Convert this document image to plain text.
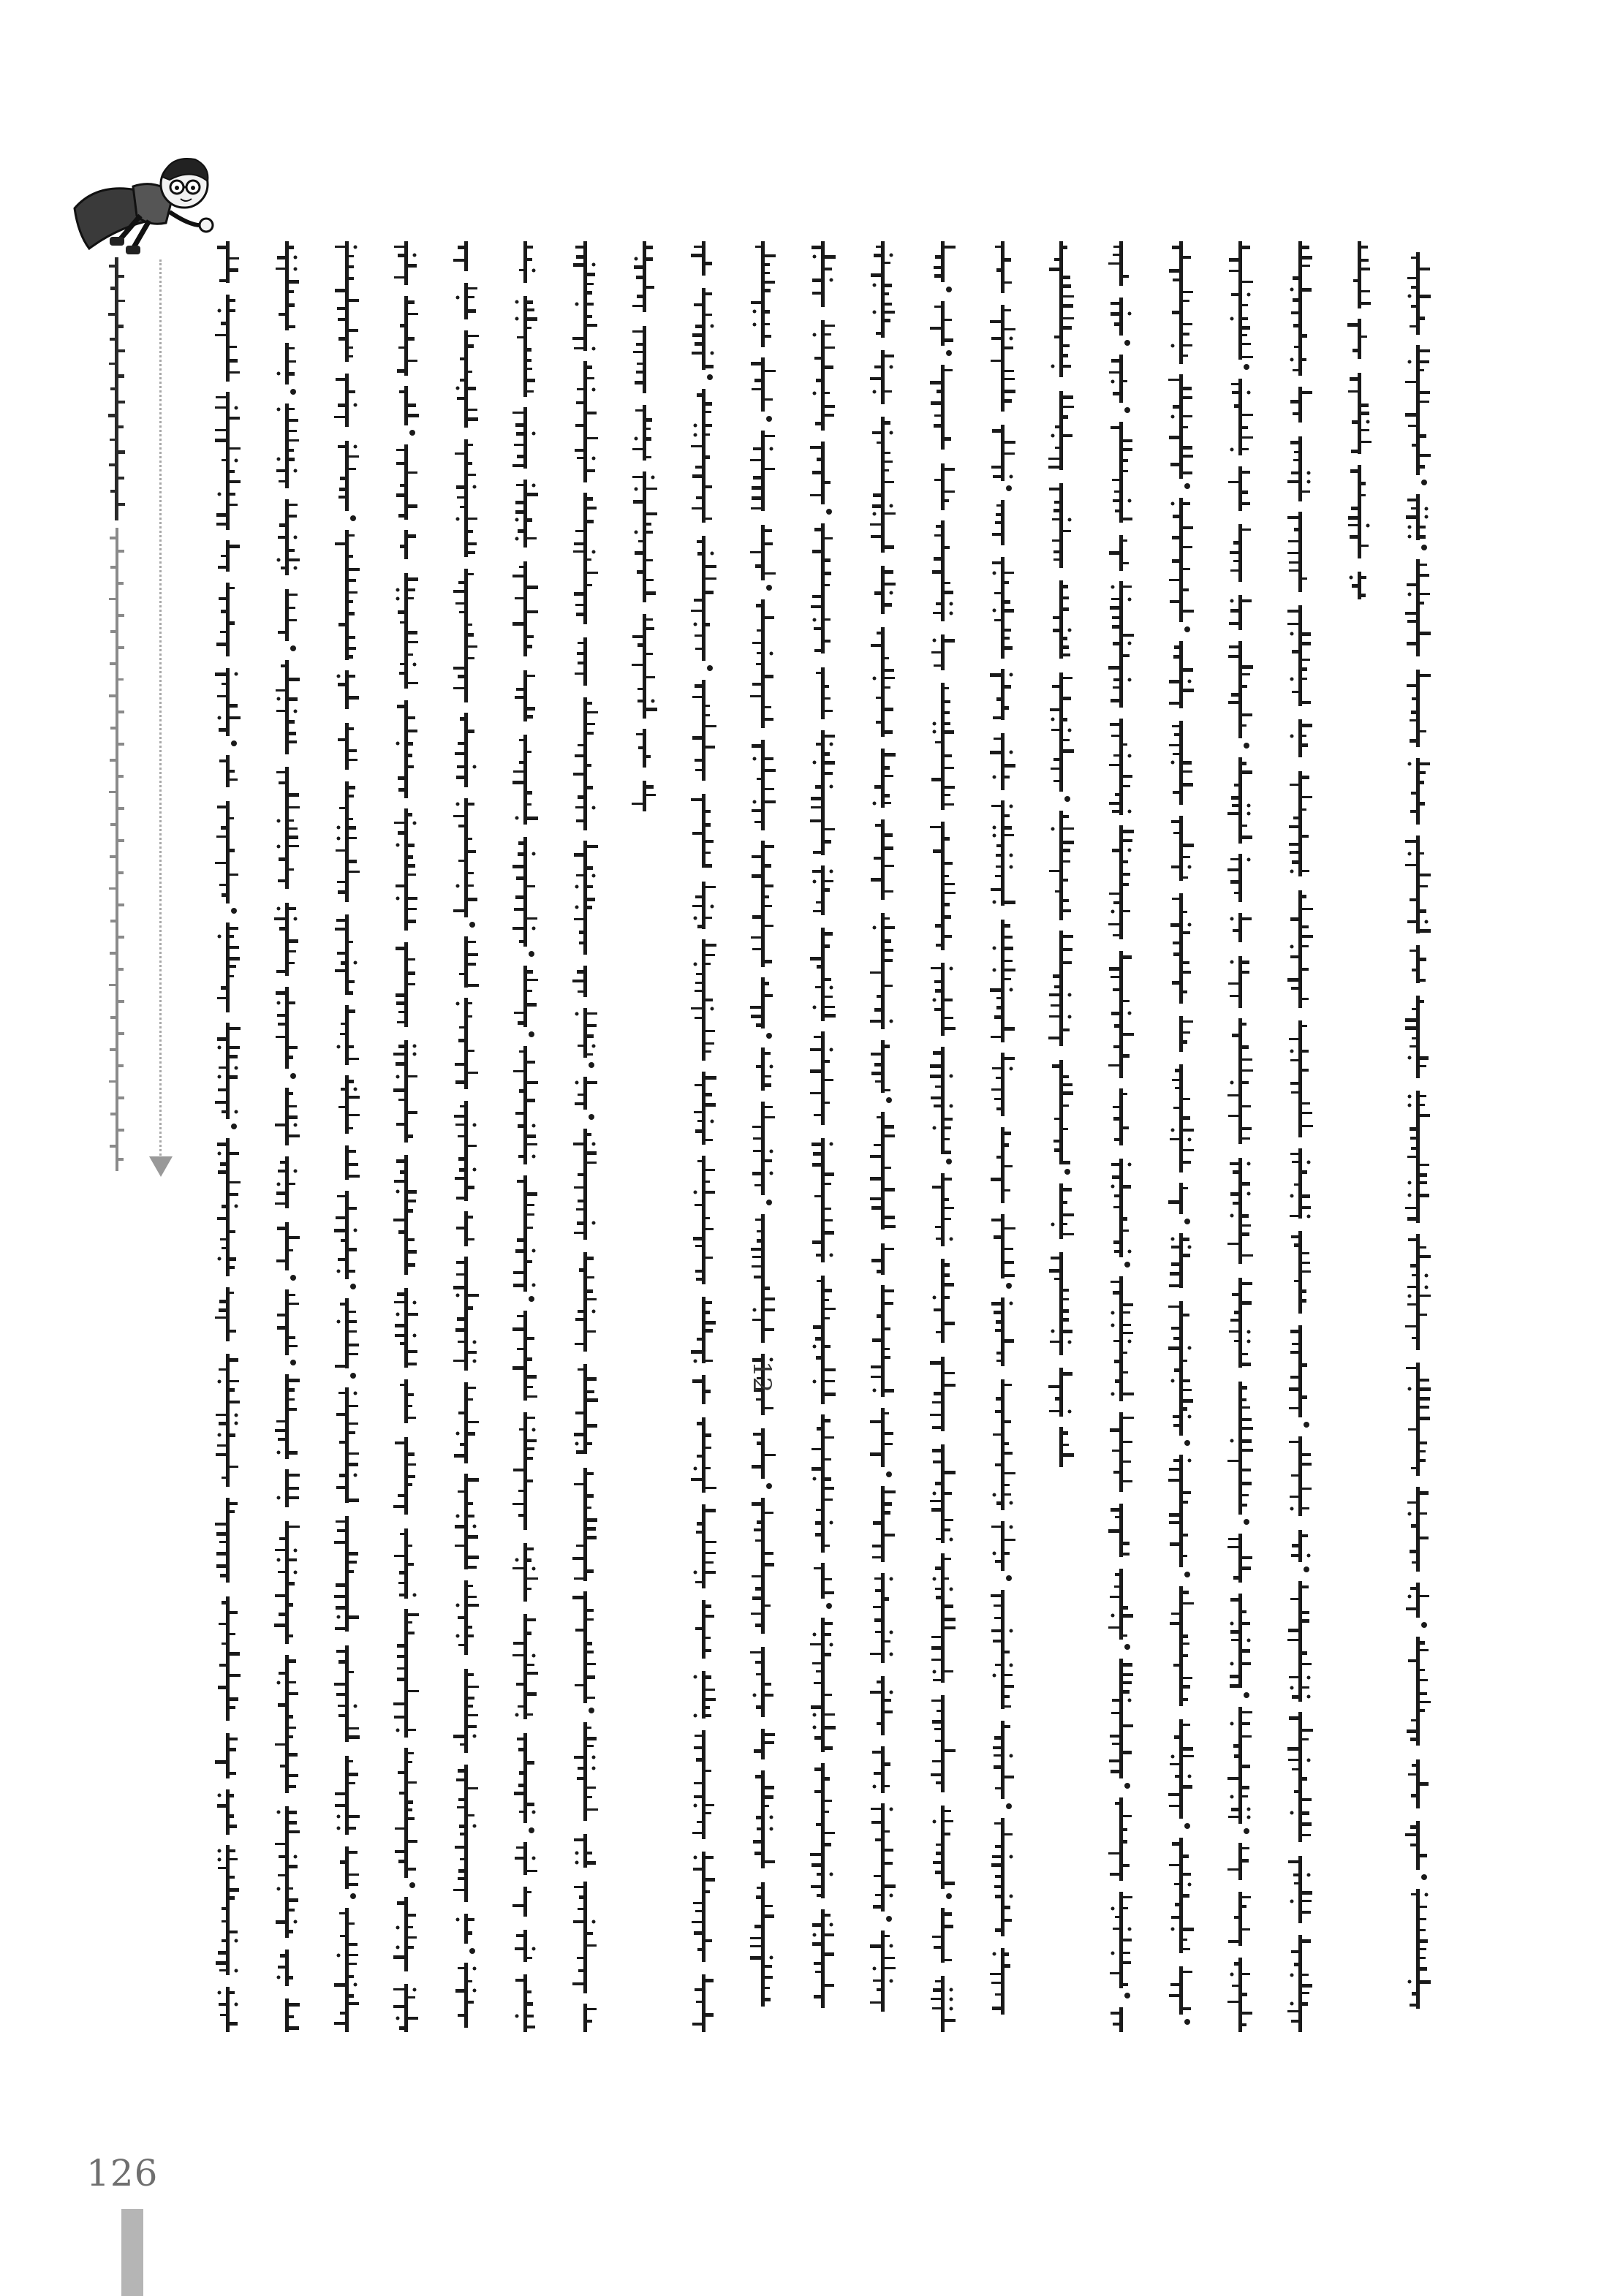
12
126
